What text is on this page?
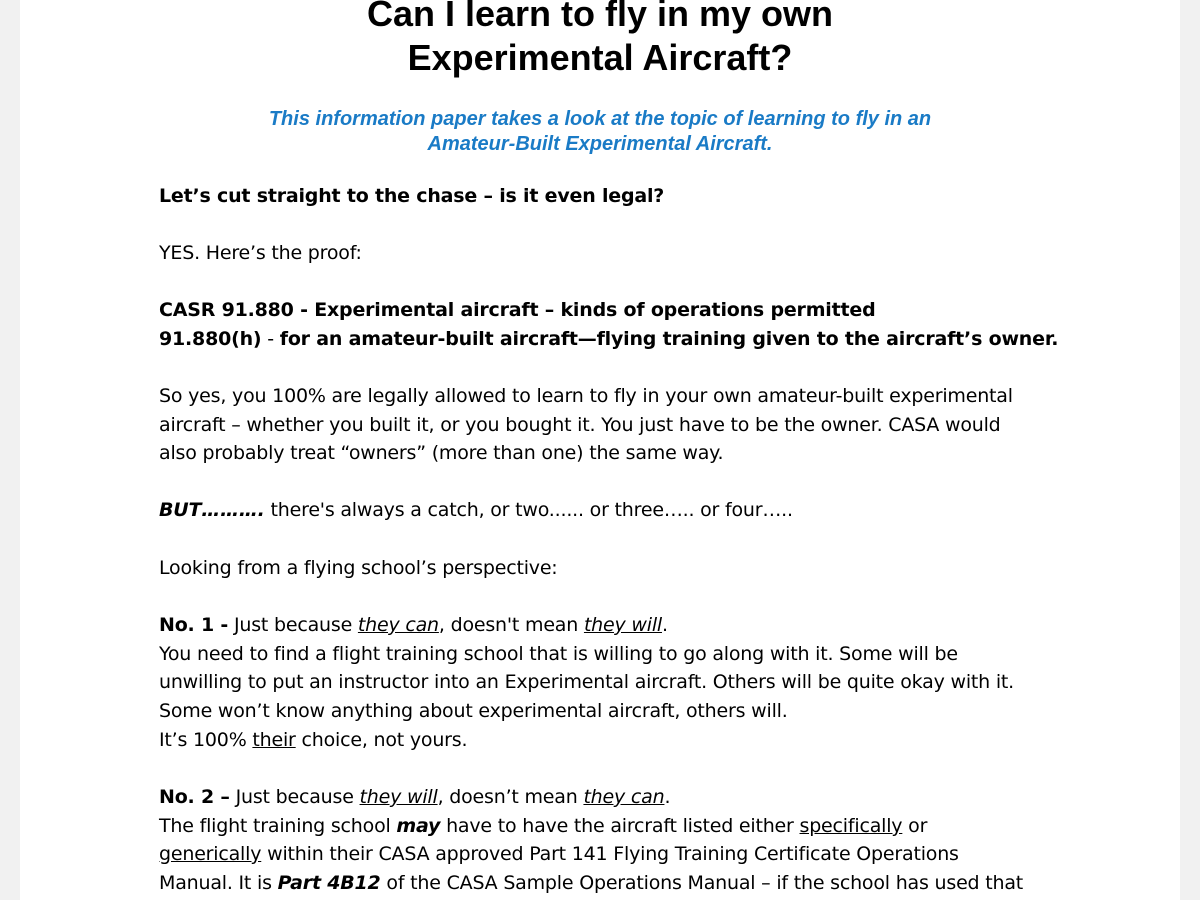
Can I learn to fly in my own
Experimental Aircraft?
This information paper takes a look at the topic of learning to fly in an
Amateur-Built Experimental Aircraft.
Let’s cut straight to the chase – is it even legal?
YES. Here’s the proof:
CASR 91.880 - Experimental aircraft – kinds of operations permitted
91.880(h) - for an amateur-built aircraft—flying training given to the aircraft’s owner.
So yes, you 100% are legally allowed to learn to fly in your own amateur-built experimental
aircraft – whether you built it, or you bought it. You just have to be the owner. CASA would
also probably treat “owners” (more than one) the same way.
BUT………. there's always a catch, or two...... or three….. or four…..
Looking from a flying school’s perspective:
No. 1 - Just because they can, doesn't mean they will.
You need to find a flight training school that is willing to go along with it. Some will be
unwilling to put an instructor into an Experimental aircraft. Others will be quite okay with it.
Some won’t know anything about experimental aircraft, others will.
It’s 100% their choice, not yours.
No. 2 – Just because they will, doesn’t mean they can.
The flight training school may have to have the aircraft listed either specifically or
generically within their CASA approved Part 141 Flying Training Certificate Operations
Manual. It is Part 4B12 of the CASA Sample Operations Manual – if the school has used that
